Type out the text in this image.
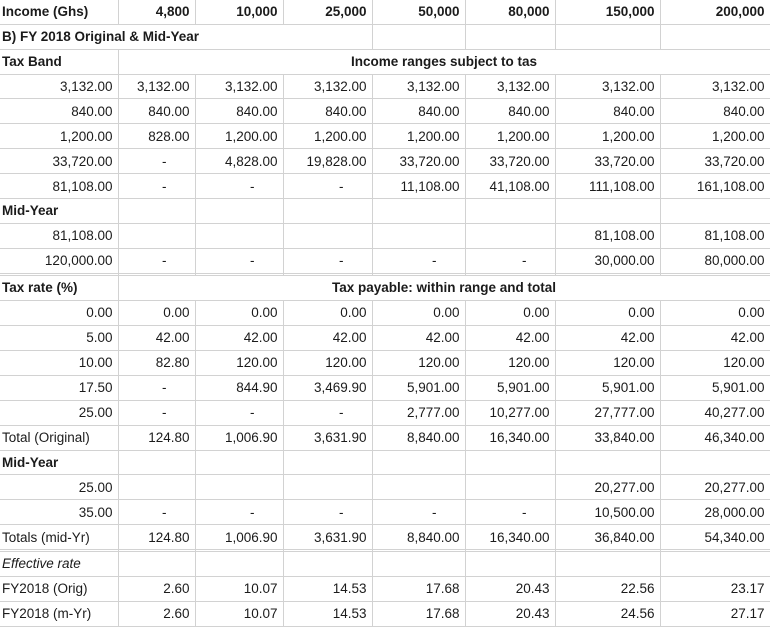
Income (Ghs)	4,800	10,000	25,000	50,000	80,000	150,000	200,000
B) FY 2018 Original & Mid-Year							
Tax Band	Income ranges subject to tas						
3,132.00	3,132.00	3,132.00	3,132.00	3,132.00	3,132.00	3,132.00	3,132.00
840.00	840.00	840.00	840.00	840.00	840.00	840.00	840.00
1,200.00	828.00	1,200.00	1,200.00	1,200.00	1,200.00	1,200.00	1,200.00
33,720.00	-	4,828.00	19,828.00	33,720.00	33,720.00	33,720.00	33,720.00
81,108.00	-	-	-	11,108.00	41,108.00	111,108.00	161,108.00
Mid-Year							
81,108.00						81,108.00	81,108.00
120,000.00	-	-	-	-	-	30,000.00	80,000.00

Tax rate (%)	Tax payable: within range and total						
0.00	0.00	0.00	0.00	0.00	0.00	0.00	0.00
5.00	42.00	42.00	42.00	42.00	42.00	42.00	42.00
10.00	82.80	120.00	120.00	120.00	120.00	120.00	120.00
17.50	-	844.90	3,469.90	5,901.00	5,901.00	5,901.00	5,901.00
25.00	-	-	-	2,777.00	10,277.00	27,777.00	40,277.00
Total (Original)	124.80	1,006.90	3,631.90	8,840.00	16,340.00	33,840.00	46,340.00
Mid-Year							
25.00						20,277.00	20,277.00
35.00	-	-	-	-	-	10,500.00	28,000.00
Totals (mid-Yr)	124.80	1,006.90	3,631.90	8,840.00	16,340.00	36,840.00	54,340.00

Effective rate							
FY2018 (Orig)	2.60	10.07	14.53	17.68	20.43	22.56	23.17
FY2018 (m-Yr)	2.60	10.07	14.53	17.68	20.43	24.56	27.17
